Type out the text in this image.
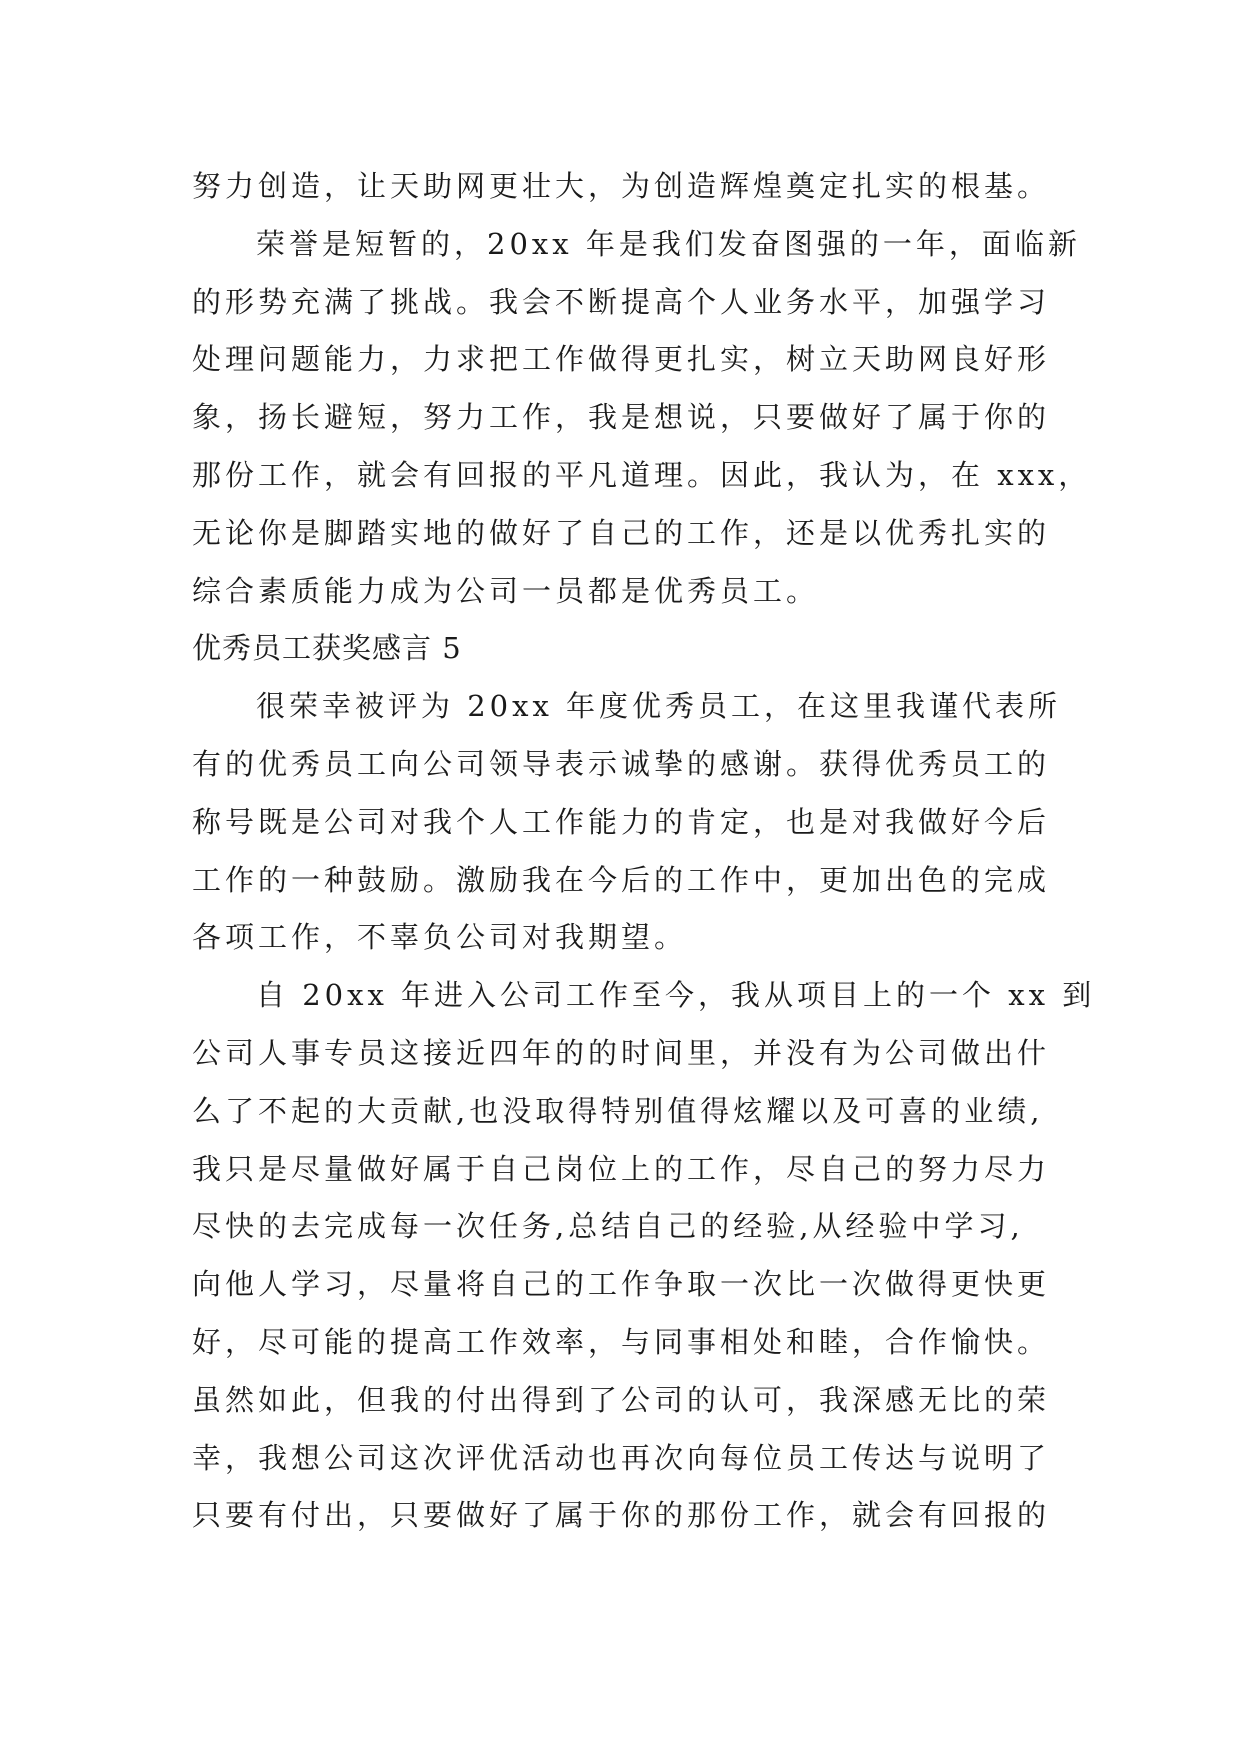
努力创造，让天助网更壮大，为创造辉煌奠定扎实的根基。
荣誉是短暂的，20xx 年是我们发奋图强的一年，面临新
的形势充满了挑战。我会不断提高个人业务水平，加强学习
处理问题能力，力求把工作做得更扎实，树立天助网良好形
象，扬长避短，努力工作，我是想说，只要做好了属于你的
那份工作，就会有回报的平凡道理。因此，我认为，在 xxx，
无论你是脚踏实地的做好了自己的工作，还是以优秀扎实的
综合素质能力成为公司一员都是优秀员工。
优秀员工获奖感言 5
很荣幸被评为 20xx 年度优秀员工，在这里我谨代表所
有的优秀员工向公司领导表示诚挚的感谢。获得优秀员工的
称号既是公司对我个人工作能力的肯定，也是对我做好今后
工作的一种鼓励。激励我在今后的工作中，更加出色的完成
各项工作，不辜负公司对我期望。
自 20xx 年进入公司工作至今，我从项目上的一个 xx 到
公司人事专员这接近四年的的时间里，并没有为公司做出什
么了不起的大贡献,也没取得特别值得炫耀以及可喜的业绩,
我只是尽量做好属于自己岗位上的工作，尽自己的努力尽力
尽快的去完成每一次任务,总结自己的经验,从经验中学习,
向他人学习，尽量将自己的工作争取一次比一次做得更快更
好，尽可能的提高工作效率，与同事相处和睦，合作愉快。
虽然如此，但我的付出得到了公司的认可，我深感无比的荣
幸，我想公司这次评优活动也再次向每位员工传达与说明了
只要有付出，只要做好了属于你的那份工作，就会有回报的
